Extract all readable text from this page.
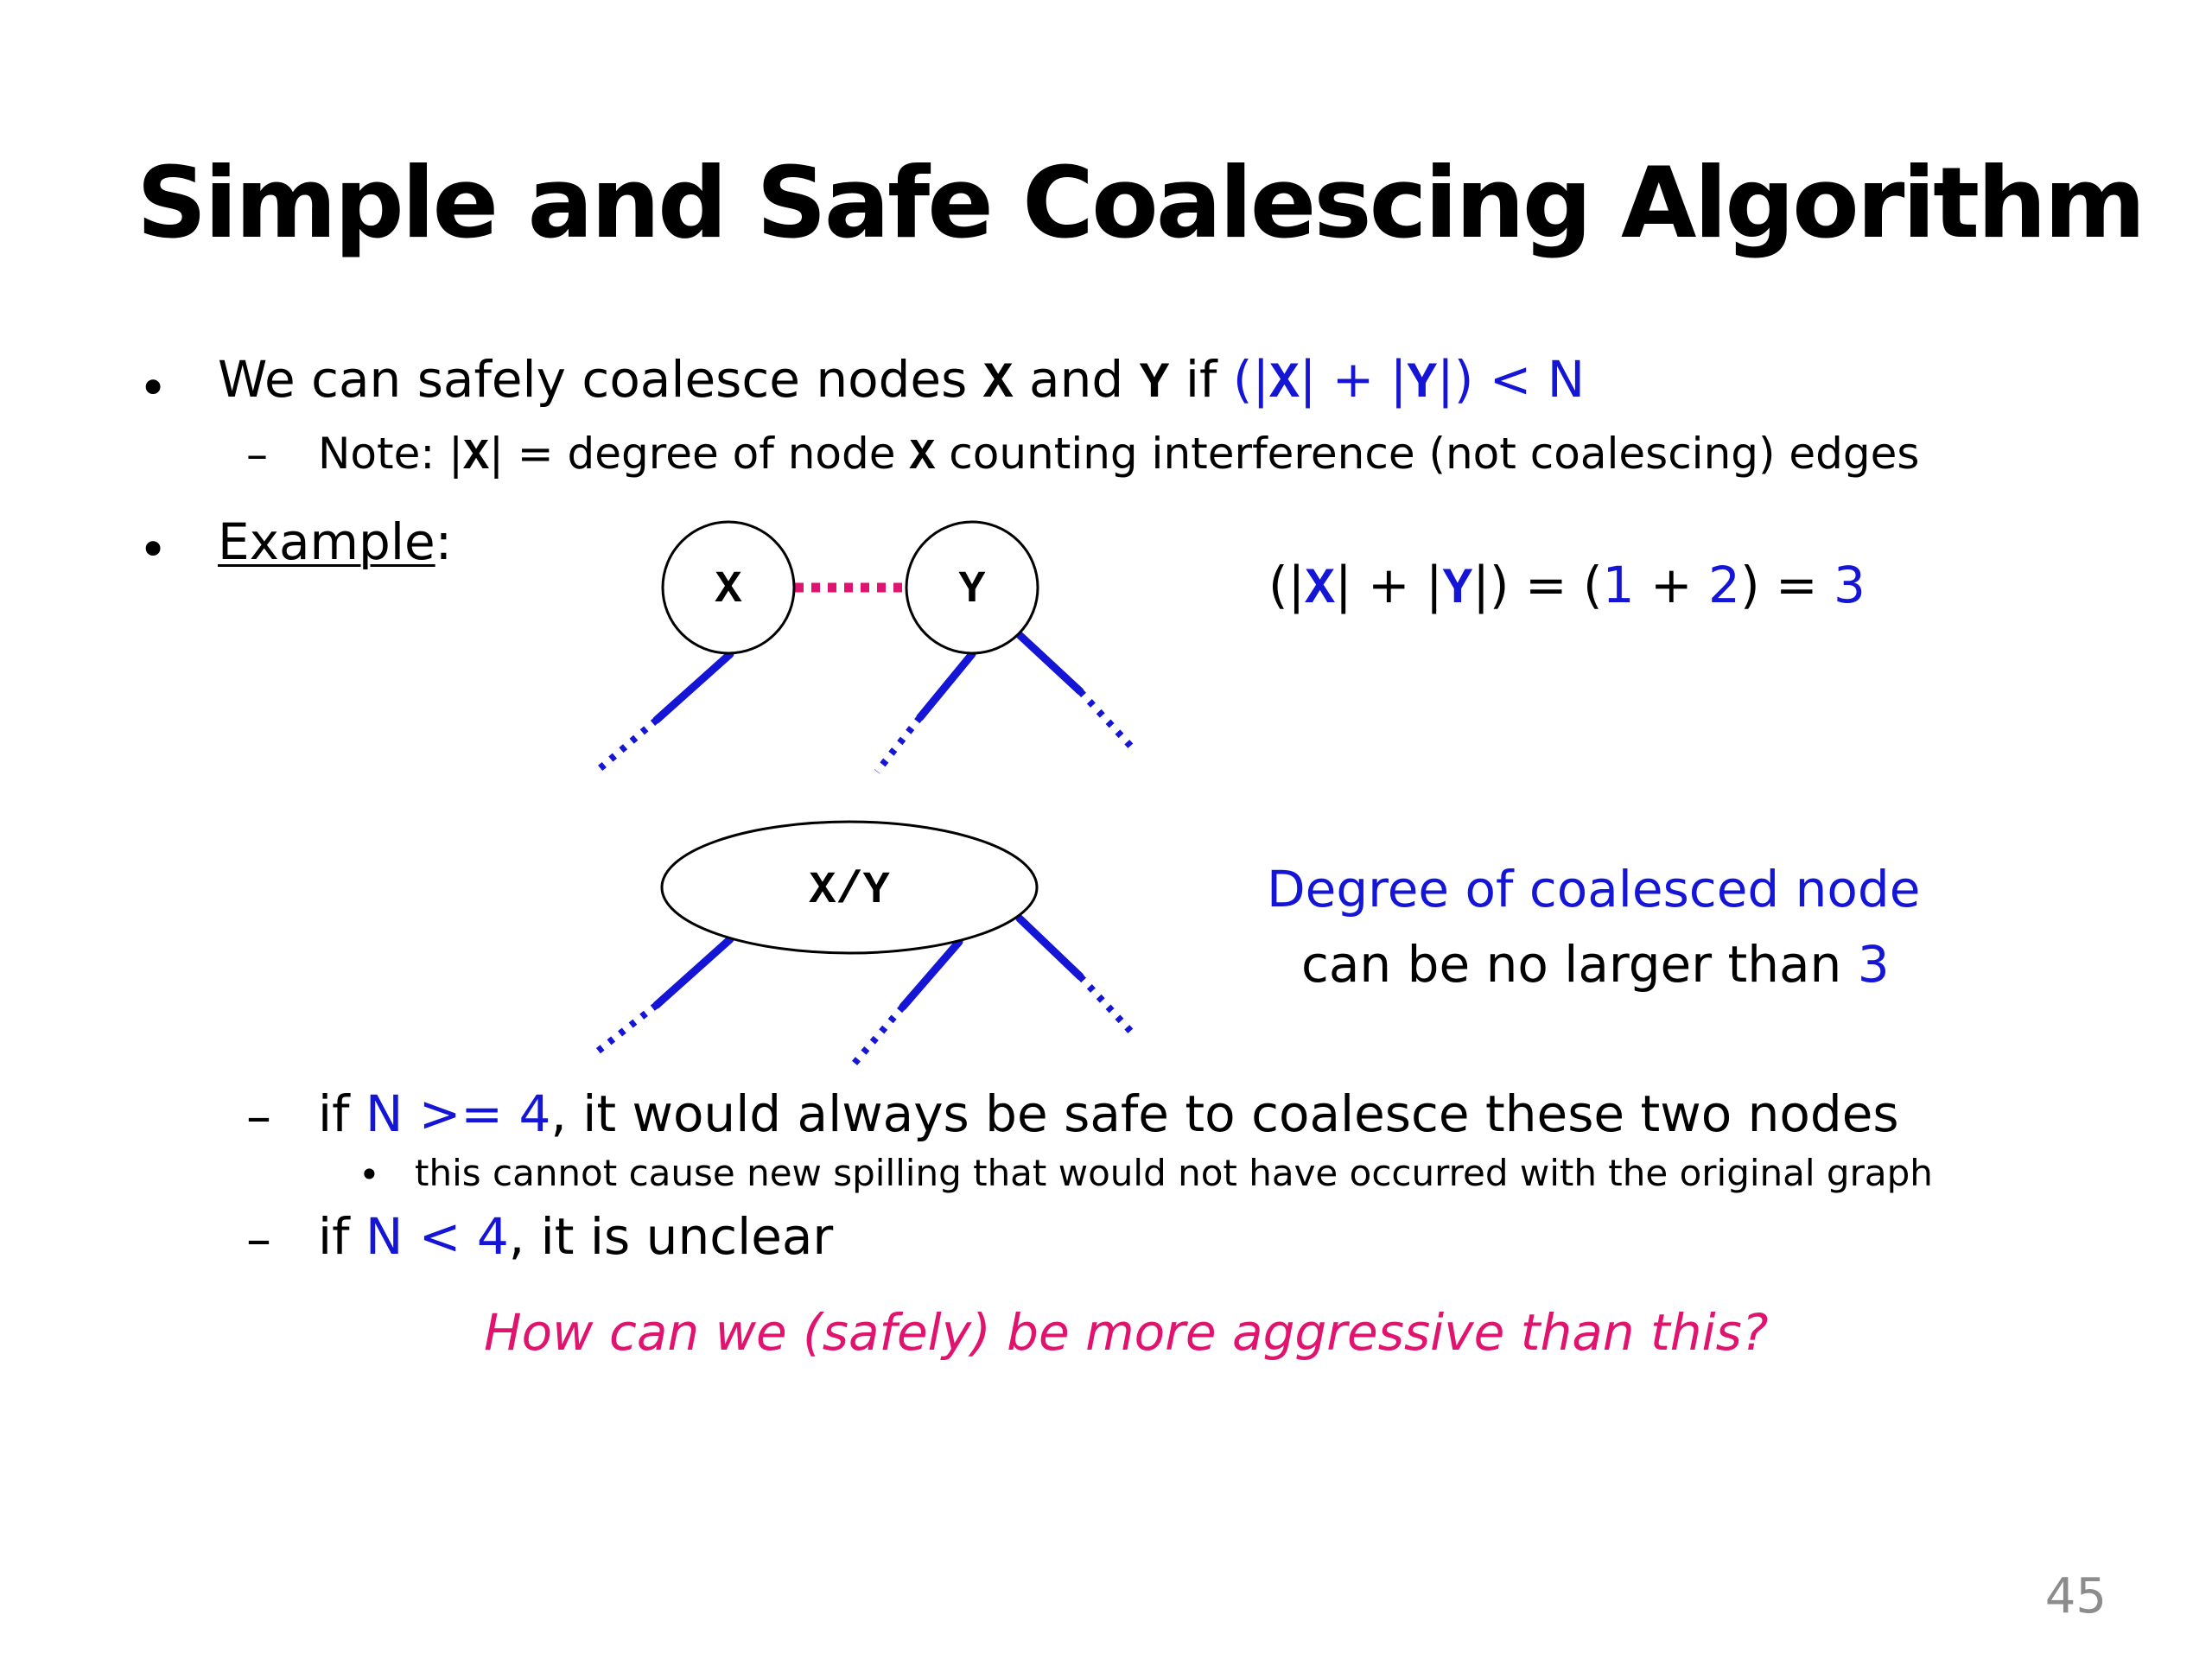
Simple and Safe Coalescing Algorithm
• We can safely coalesce nodes X and Y if (|X| + |Y|) < N
– Note: |X| = degree of node X counting interference (not coalescing) edges
• Example:
X	Y
X/Y
(|X| + |Y|) = (1 + 2) = 3
Degree of coalesced node
can be no larger than 3
– if N >= 4, it would always be safe to coalesce these two nodes
• this cannot cause new spilling that would not have occurred with the original graph
– if N < 4, it is unclear
How can we (safely) be more aggressive than this?
45
